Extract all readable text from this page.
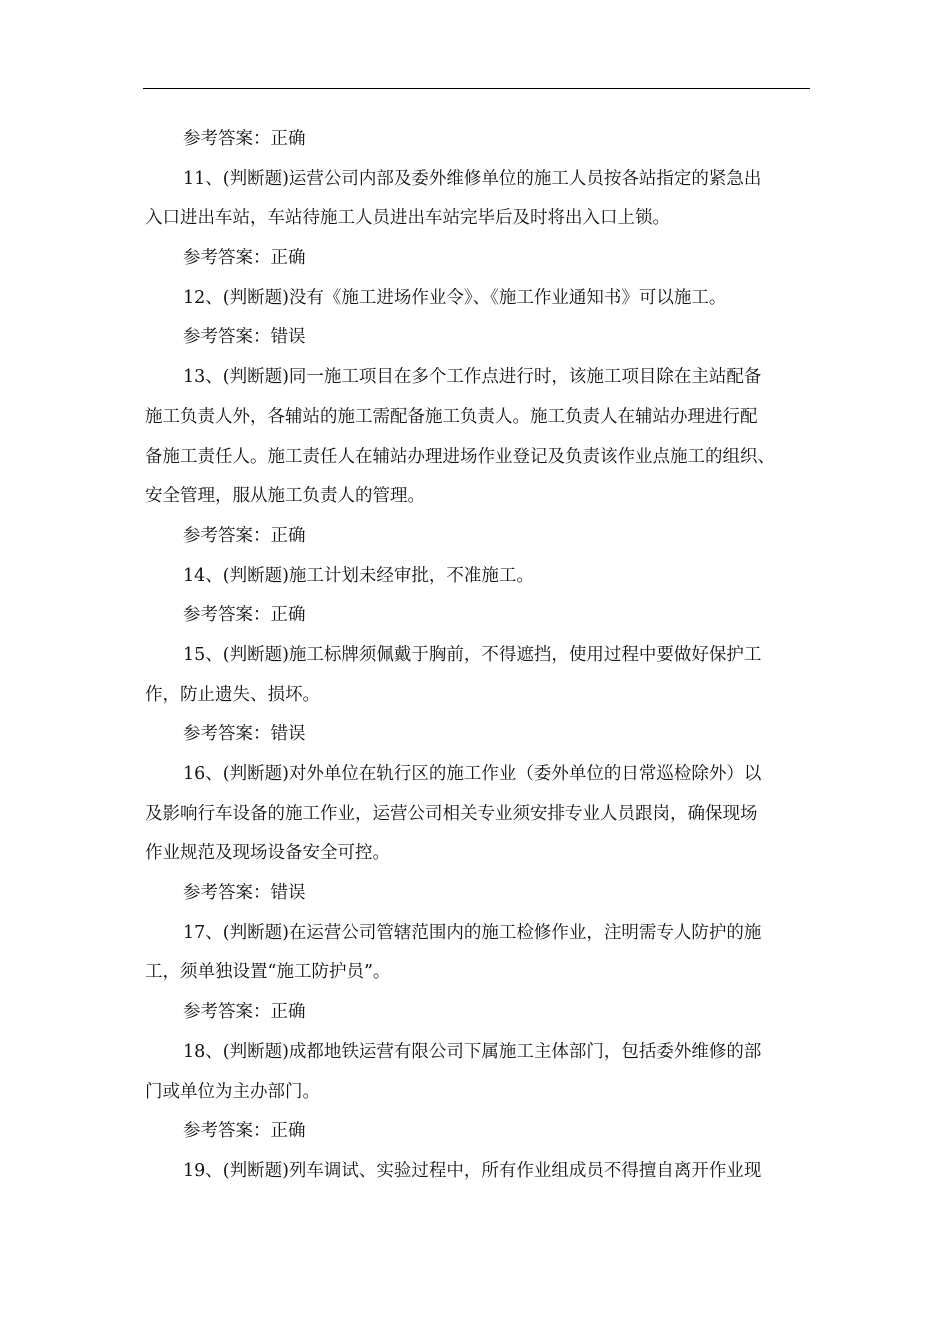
参考答案：正确
11、(判断题)运营公司内部及委外维修单位的施工人员按各站指定的紧急出
入口进出车站，车站待施工人员进出车站完毕后及时将出入口上锁。
参考答案：正确
12、(判断题)没有《施工进场作业令》、《施工作业通知书》可以施工。
参考答案：错误
13、(判断题)同一施工项目在多个工作点进行时，该施工项目除在主站配备
施工负责人外，各辅站的施工需配备施工负责人。施工负责人在辅站办理进行配
备施工责任人。施工责任人在辅站办理进场作业登记及负责该作业点施工的组织、
安全管理，服从施工负责人的管理。
参考答案：正确
14、(判断题)施工计划未经审批，不准施工。
参考答案：正确
15、(判断题)施工标牌须佩戴于胸前，不得遮挡，使用过程中要做好保护工
作，防止遗失、损坏。
参考答案：错误
16、(判断题)对外单位在轨行区的施工作业（委外单位的日常巡检除外）以
及影响行车设备的施工作业，运营公司相关专业须安排专业人员跟岗，确保现场
作业规范及现场设备安全可控。
参考答案：错误
17、(判断题)在运营公司管辖范围内的施工检修作业，注明需专人防护的施
工，须单独设置“施工防护员”。
参考答案：正确
18、(判断题)成都地铁运营有限公司下属施工主体部门，包括委外维修的部
门或单位为主办部门。
参考答案：正确
19、(判断题)列车调试、实验过程中，所有作业组成员不得擅自离开作业现
